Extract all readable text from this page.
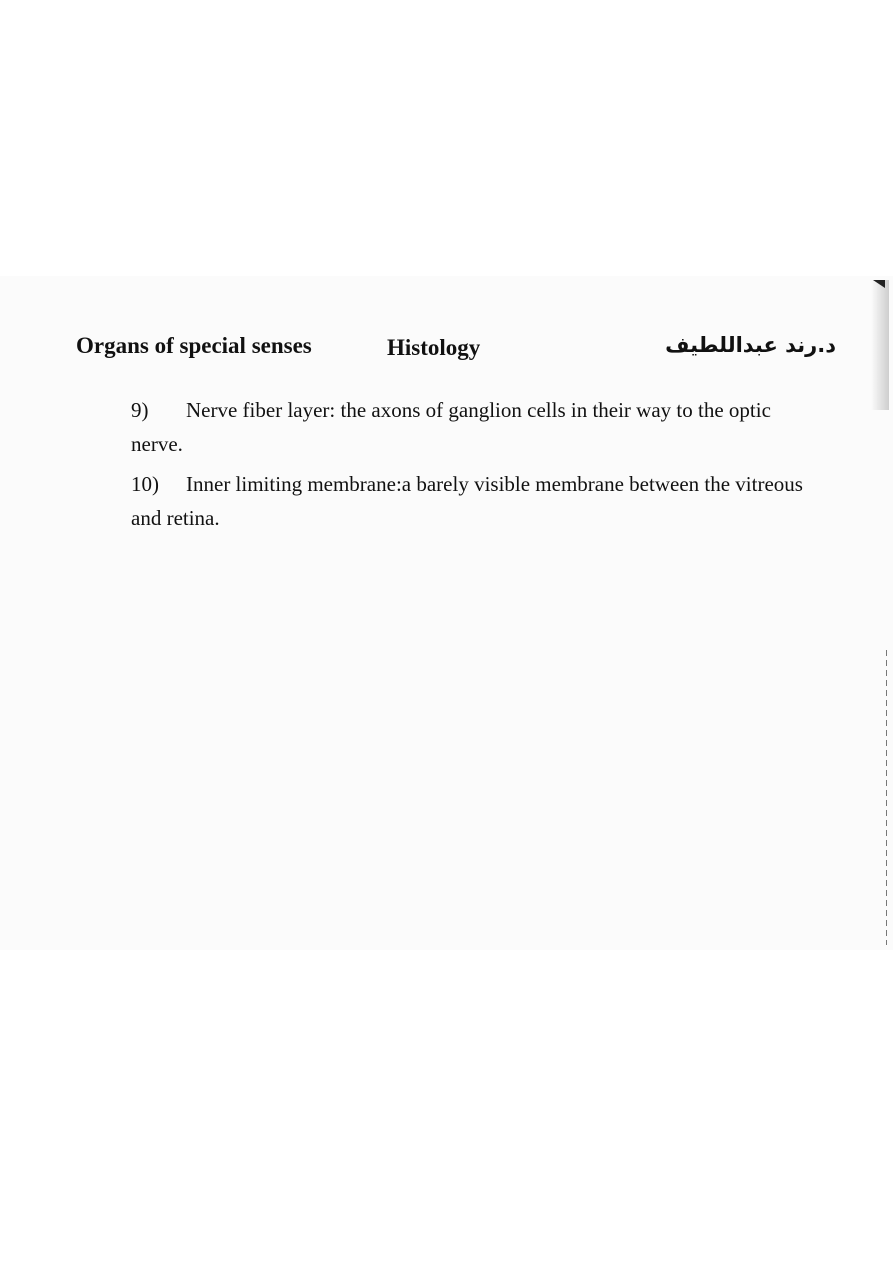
Organs of special senses	Histology	د.رند عبداللطيف
9) Nerve fiber layer: the axons of ganglion cells in their way to the optic nerve.
10) Inner limiting membrane:a barely visible membrane between the vitreous and retina.
